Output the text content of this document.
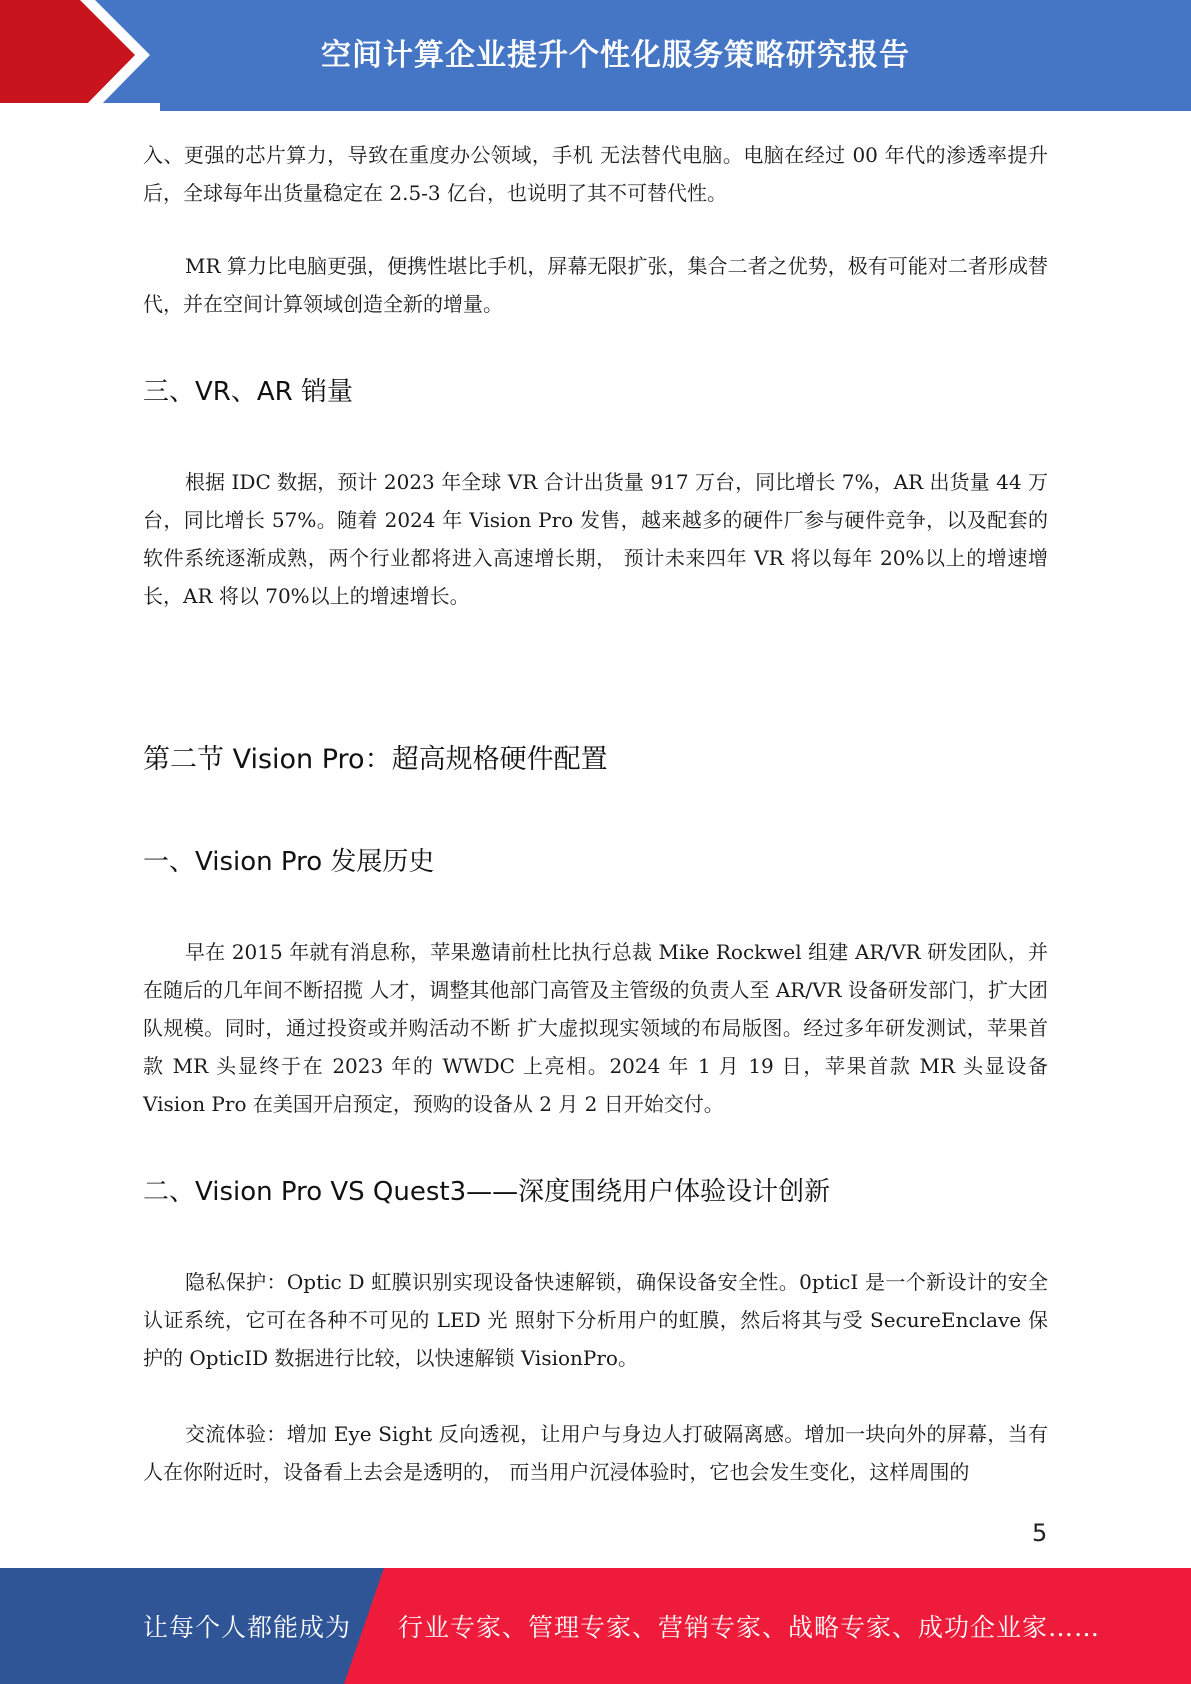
空间计算企业提升个性化服务策略研究报告

入、更强的芯片算力，导致在重度办公领域，手机 无法替代电脑。电脑在经过 00 年代的渗透率提升后，全球每年出货量稳定在 2.5-3 亿台，也说明了其不可替代性。

MR 算力比电脑更强，便携性堪比手机，屏幕无限扩张，集合二者之优势，极有可能对二者形成替代，并在空间计算领域创造全新的增量。

三、VR、AR 销量

根据 IDC 数据，预计 2023 年全球 VR 合计出货量 917 万台，同比增长 7%，AR 出货量 44 万台，同比增长 57%。随着 2024 年 Vision Pro 发售，越来越多的硬件厂参与硬件竞争，以及配套的软件系统逐渐成熟，两个行业都将进入高速增长期， 预计未来四年 VR 将以每年 20%以上的增速增长，AR 将以 70%以上的增速增长。

第二节 Vision Pro：超高规格硬件配置
一、Vision Pro 发展历史

早在 2015 年就有消息称，苹果邀请前杜比执行总裁 Mike Rockwel 组建 AR/VR 研发团队，并在随后的几年间不断招揽 人才，调整其他部门高管及主管级的负责人至 AR/VR 设备研发部门，扩大团队规模。同时，通过投资或并购活动不断 扩大虚拟现实领域的布局版图。经过多年研发测试，苹果首款 MR 头显终于在 2023 年的 WWDC 上亮相。2024 年 1 月 19 日，苹果首款 MR 头显设备 Vision Pro 在美国开启预定，预购的设备从 2 月 2 日开始交付。

二、Vision Pro VS Quest3——深度围绕用户体验设计创新

隐私保护：Optic D 虹膜识别实现设备快速解锁，确保设备安全性。0pticI 是一个新设计的安全认证系统，它可在各种不可见的 LED 光 照射下分析用户的虹膜，然后将其与受 SecureEnclave 保护的 OpticID 数据进行比较，以快速解锁 VisionPro。

交流体验：增加 Eye Sight 反向透视，让用户与身边人打破隔离感。增加一块向外的屏幕，当有人在你附近时，设备看上去会是透明的， 而当用户沉浸体验时，它也会发生变化，这样周围的

5
让每个人都能成为 行业专家、管理专家、营销专家、战略专家、成功企业家……
